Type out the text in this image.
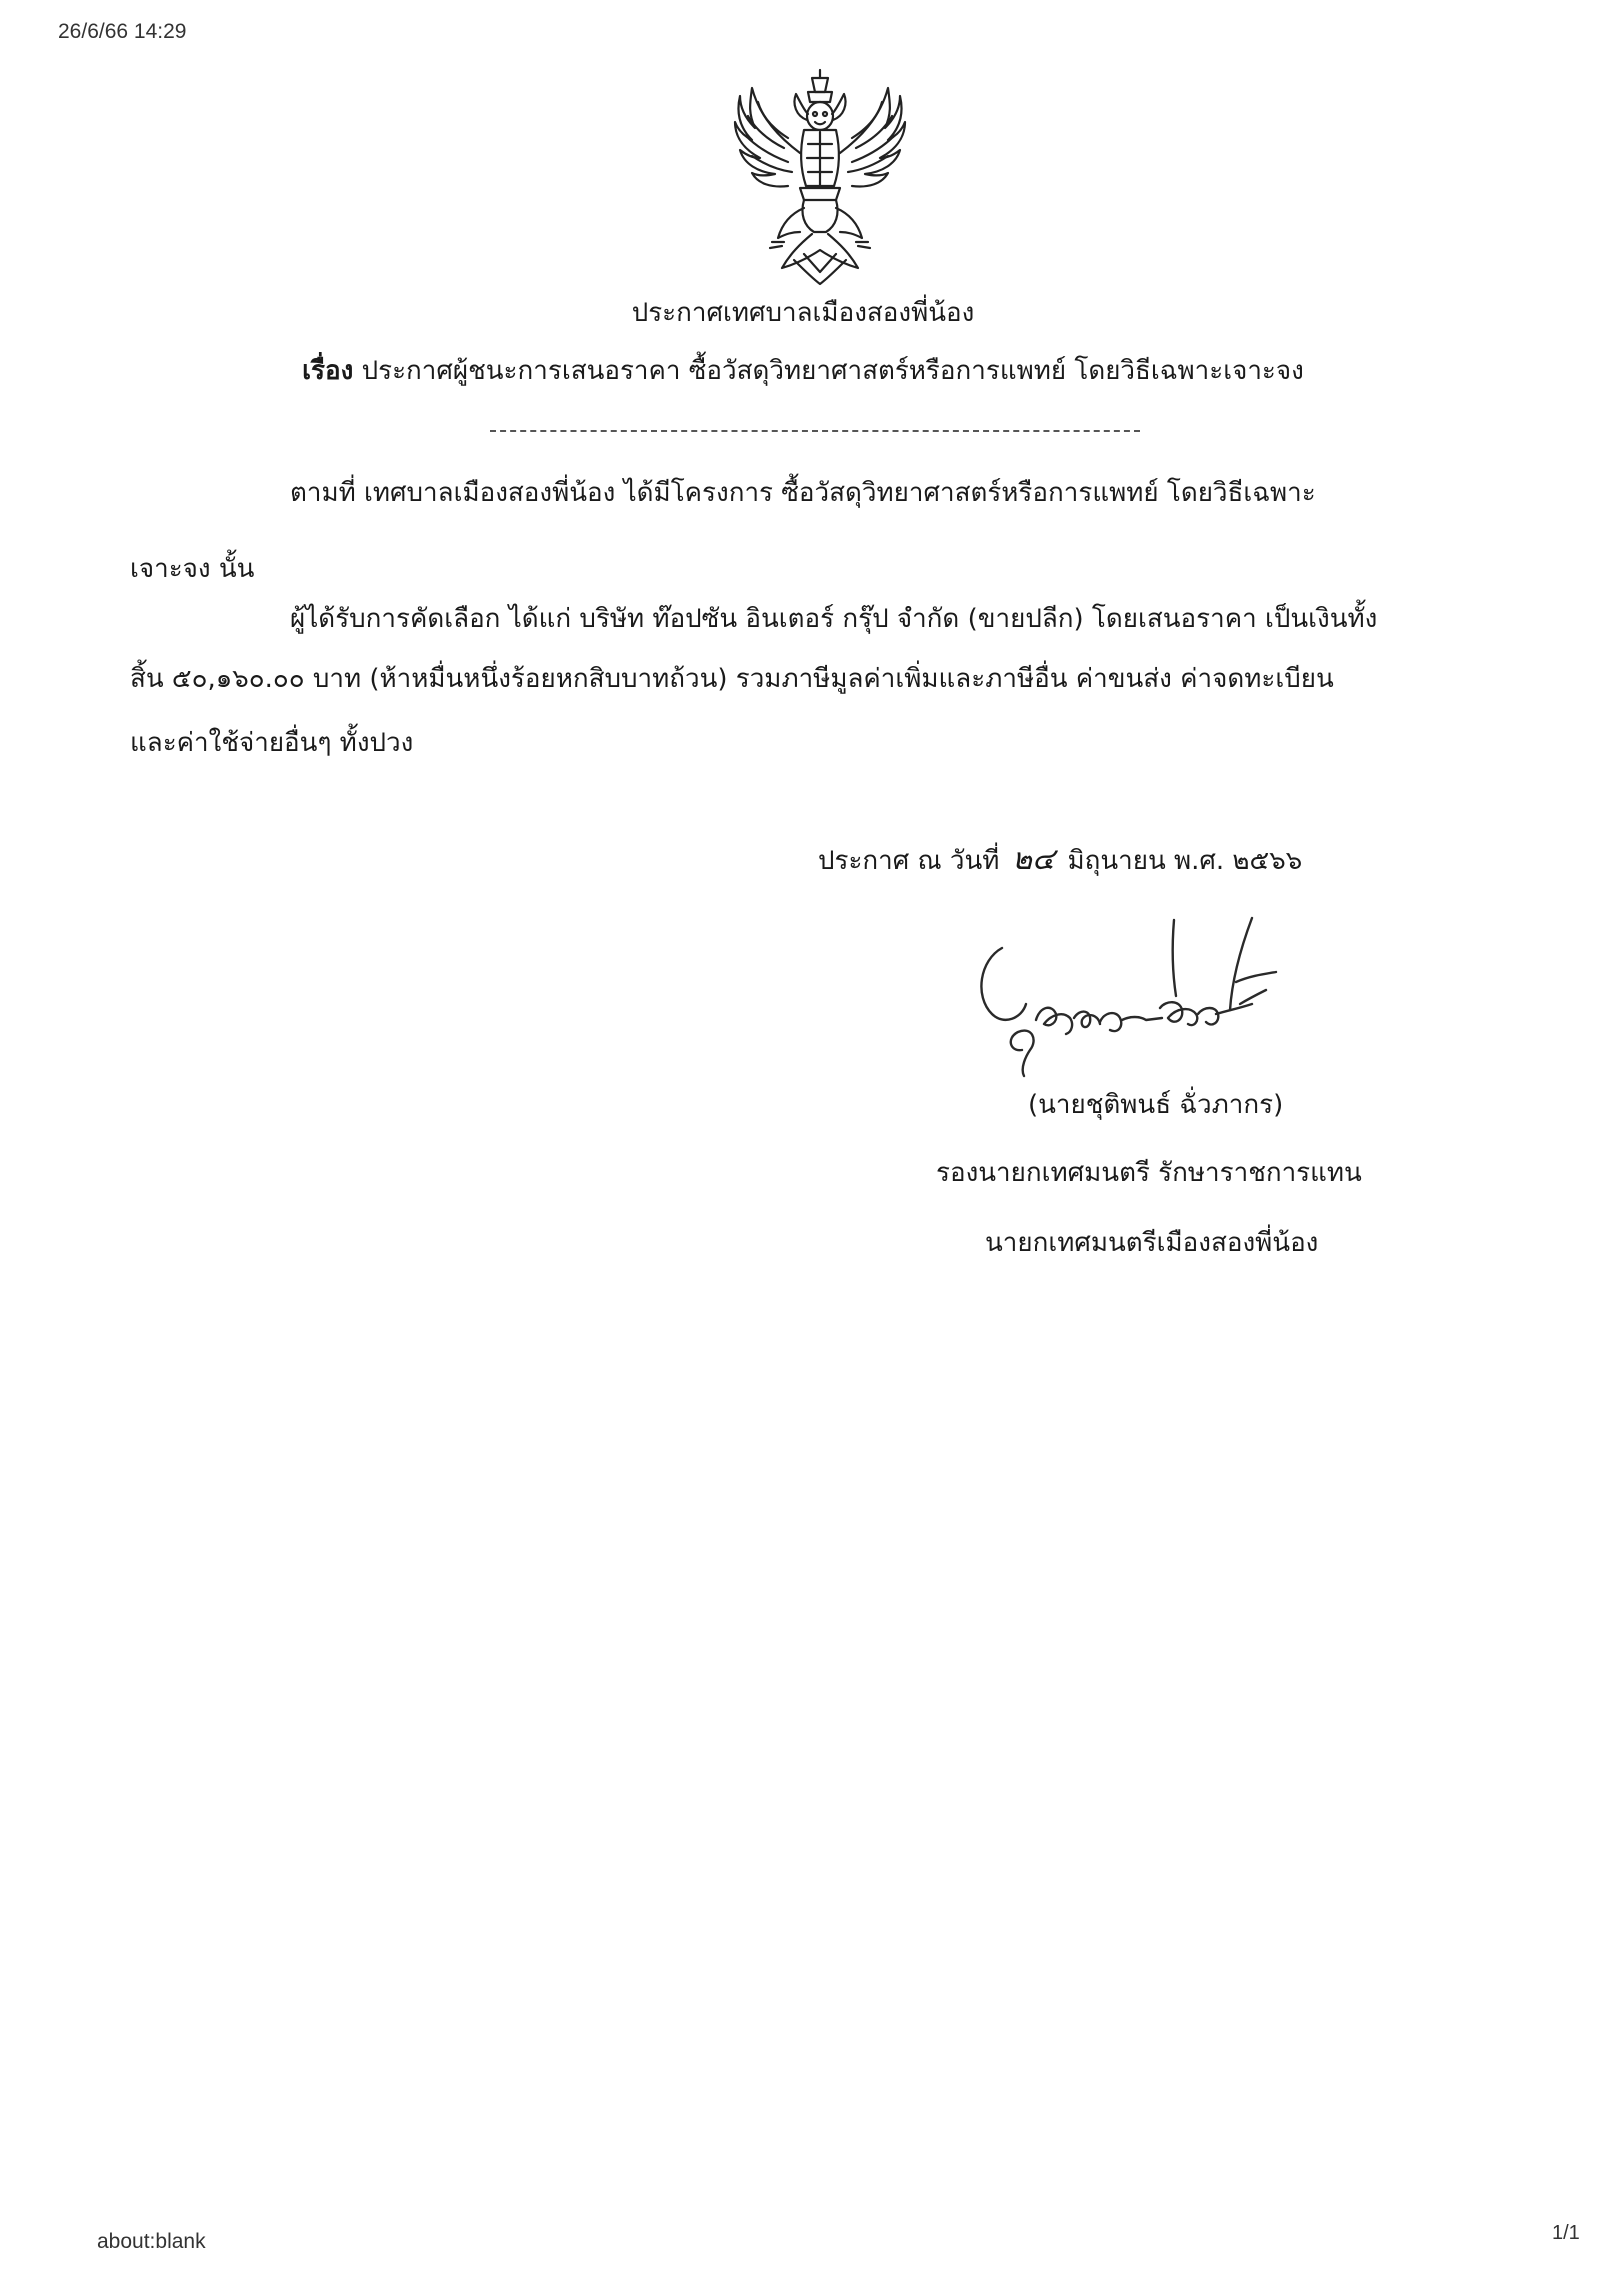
26/6/66 14:29
ประกาศเทศบาลเมืองสองพี่น้อง
เรื่อง ประกาศผู้ชนะการเสนอราคา ซื้อวัสดุวิทยาศาสตร์หรือการแพทย์ โดยวิธีเฉพาะเจาะจง
ตามที่ เทศบาลเมืองสองพี่น้อง ได้มีโครงการ ซื้อวัสดุวิทยาศาสตร์หรือการแพทย์ โดยวิธีเฉพาะ
เจาะจง นั้น
ผู้ได้รับการคัดเลือก ได้แก่ บริษัท ท๊อปซัน อินเตอร์ กรุ๊ป จำกัด (ขายปลีก) โดยเสนอราคา เป็นเงินทั้ง
สิ้น ๕๐,๑๖๐.๐๐ บาท (ห้าหมื่นหนึ่งร้อยหกสิบบาทถ้วน) รวมภาษีมูลค่าเพิ่มและภาษีอื่น ค่าขนส่ง ค่าจดทะเบียน
และค่าใช้จ่ายอื่นๆ ทั้งปวง
ประกาศ ณ วันที่ ๒๔ มิถุนายน พ.ศ. ๒๕๖๖
(นายชุติพนธ์ ฉั่วภากร)
รองนายกเทศมนตรี รักษาราชการแทน
นายกเทศมนตรีเมืองสองพี่น้อง
about:blank	1/1
